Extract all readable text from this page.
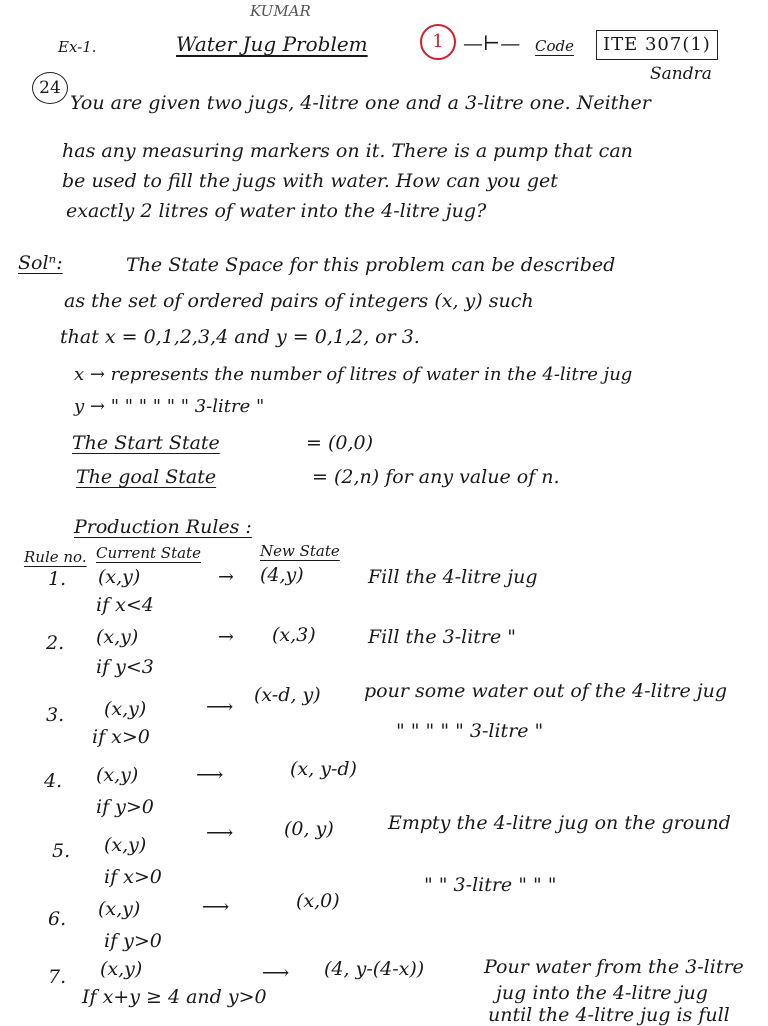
KUMAR
Ex-1.	Water Jug Problem	1 —⊢— Code	ITE 307(1)
Sandra
24
You are given two jugs, 4-litre one and a 3-litre one. Neither
has any measuring markers on it. There is a pump that can
be used to fill the jugs with water. How can you get
exactly 2 litres of water into the 4-litre jug?
Solⁿ:	The State Space for this problem can be described
as the set of ordered pairs of integers (x, y) such
that x = 0,1,2,3,4 and y = 0,1,2, or 3.
x → represents the number of litres of water in the 4-litre jug
y → " " " " " " 3-litre "
The Start State	= (0,0)
The goal State	= (2,n) for any value of n.
Production Rules :
Rule no. Current State	New State
1. (x,y)
if x<4
→ (4,y)	Fill the 4-litre jug
2. (x,y)
if y<3
→ (x,3)	Fill the 3-litre "
3. (x,y)
if x>0
⟶
(x-d, y) pour some water out of the 4-litre jug
4. (x,y)
if y>0
⟶	(x, y-d)
" " " " " 3-litre "
5. (x,y)
if x>0
⟶	(0, y)	Empty the 4-litre jug on the ground
6. (x,y)
if y>0
⟶	(x,0)
" " 3-litre " " "
7. (x,y)
If x+y ≥ 4 and y>0
⟶ (4, y-(4-x))	Pour water from the 3-litre
jug into the 4-litre jug
until the 4-litre jug is full
